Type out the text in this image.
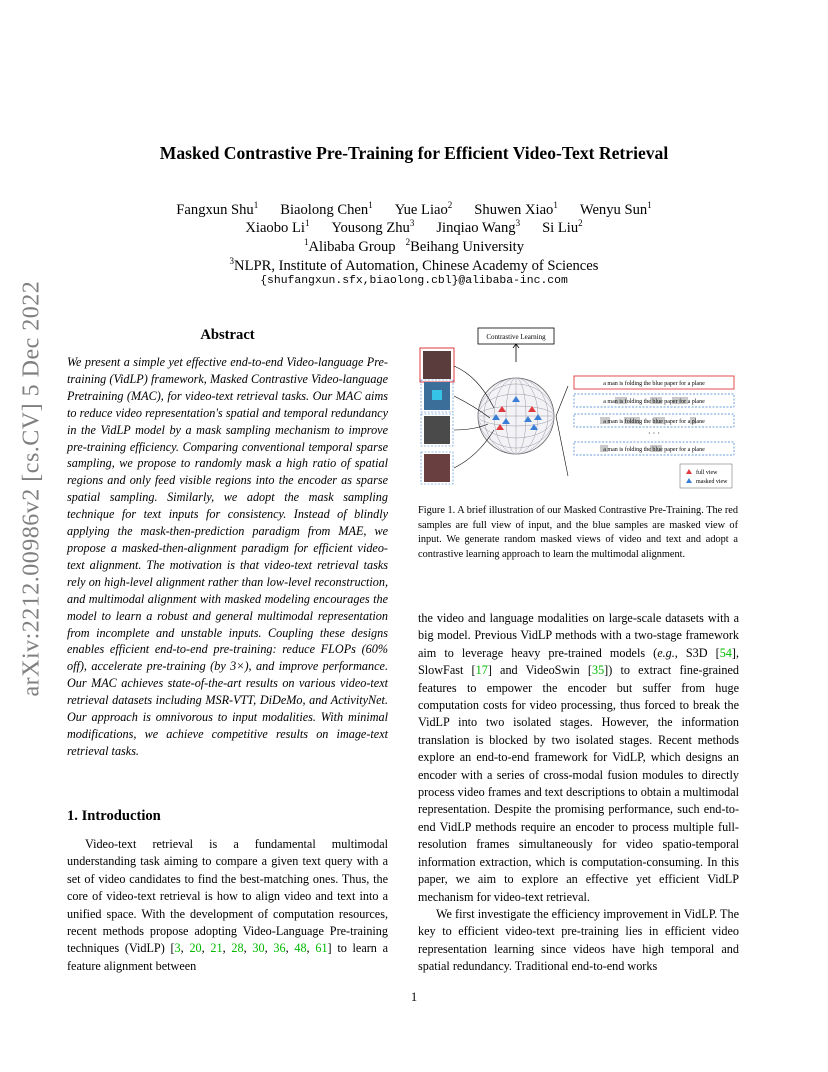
arXiv:2212.00986v2 [cs.CV] 5 Dec 2022
Masked Contrastive Pre-Training for Efficient Video-Text Retrieval
Fangxun Shu$^1$ Biaolong Chen$^1$ Yue Liao$^2$ Shuwen Xiao$^1$ Wenyu Sun$^1$
Xiaobo Li$^1$ Yousong Zhu$^3$ Jinqiao Wang$^3$ Si Liu$^2$
$^1$Alibaba Group $^2$Beihang University
$^3$NLPR, Institute of Automation, Chinese Academy of Sciences
{shufangxun.sfx,biaolong.cbl}@alibaba-inc.com
Abstract
We present a simple yet effective end-to-end Video-language Pre-training (VidLP) framework, Masked Contrastive Video-language Pretraining (MAC), for video-text retrieval tasks. Our MAC aims to reduce video representation's spatial and temporal redundancy in the VidLP model by a mask sampling mechanism to improve pre-training efficiency. Comparing conventional temporal sparse sampling, we propose to randomly mask a high ratio of spatial regions and only feed visible regions into the encoder as sparse spatial sampling. Similarly, we adopt the mask sampling technique for text inputs for consistency. Instead of blindly applying the mask-then-prediction paradigm from MAE, we propose a masked-then-alignment paradigm for efficient video-text alignment. The motivation is that video-text retrieval tasks rely on high-level alignment rather than low-level reconstruction, and multimodal alignment with masked modeling encourages the model to learn a robust and general multimodal representation from incomplete and unstable inputs. Coupling these designs enables efficient end-to-end pre-training: reduce FLOPs (60% off), accelerate pre-training (by 3×), and improve performance. Our MAC achieves state-of-the-art results on various video-text retrieval datasets including MSR-VTT, DiDeMo, and ActivityNet. Our approach is omnivorous to input modalities. With minimal modifications, we achieve competitive results on image-text retrieval tasks.
1. Introduction
Video-text retrieval is a fundamental multimodal understanding task aiming to compare a given text query with a set of video candidates to find the best-matching ones. Thus, the core of video-text retrieval is how to align video and text into a unified space. With the development of computation resources, recent methods propose adopting Video-Language Pre-training techniques (VidLP) [3, 20, 21, 28, 30, 36, 48, 61] to learn a feature alignment between
Contrastive Learning
a man is folding the blue paper for a plane
a man is folding the blue paper for a plane
a man is folding the blue paper for a plane
a man is folding the blue paper for a plane
· · ·
full view
masked view
Figure 1. A brief illustration of our Masked Contrastive Pre-Training. The red samples are full view of input, and the blue samples are masked view of input. We generate random masked views of video and text and adopt a contrastive learning approach to learn the multimodal alignment.

the video and language modalities on large-scale datasets with a big model. Previous VidLP methods with a two-stage framework aim to leverage heavy pre-trained models (e.g., S3D [54], SlowFast [17] and VideoSwin [35]) to extract fine-grained features to empower the encoder but suffer from huge computation costs for video processing, thus forced to break the VidLP into two isolated stages. However, the information translation is blocked by two isolated stages. Recent methods explore an end-to-end framework for VidLP, which designs an encoder with a series of cross-modal fusion modules to directly process video frames and text descriptions to obtain a multimodal representation. Despite the promising performance, such end-to-end VidLP methods require an encoder to process multiple full-resolution frames simultaneously for video spatio-temporal information extraction, which is computation-consuming. In this paper, we aim to explore an effective yet efficient VidLP mechanism for video-text retrieval.

We first investigate the efficiency improvement in VidLP. The key to efficient video-text pre-training lies in efficient video representation learning since videos have high temporal and spatial redundancy. Traditional end-to-end works

1
